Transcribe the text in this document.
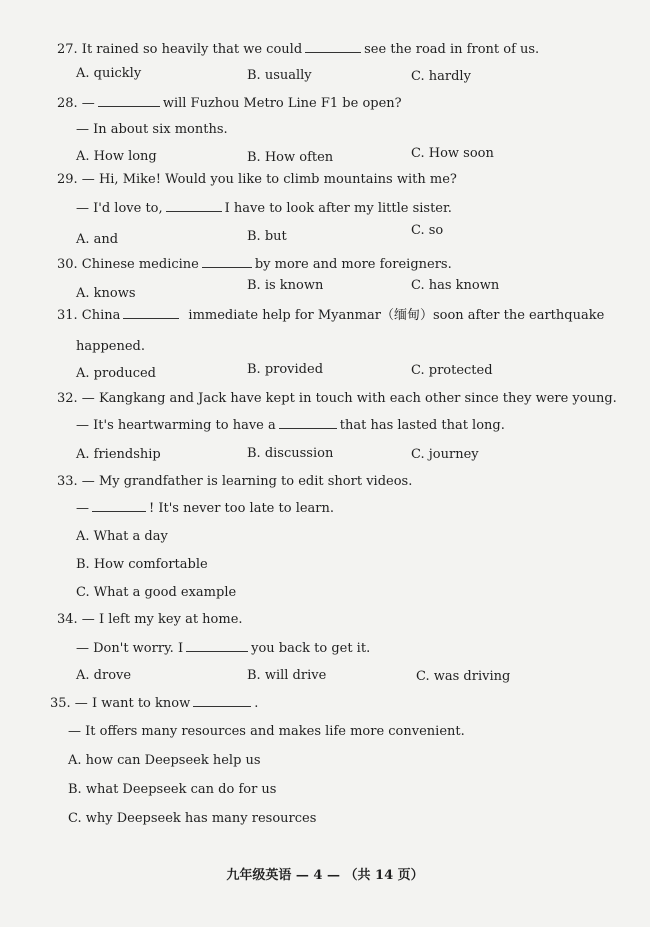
27. It rained so heavily that we could	see the road in front of us.
A. quickly	B. usually	C. hardly
28. —	will Fuzhou Metro Line F1 be open?
— In about six months.
A. How long	B. How often	C. How soon
29. — Hi, Mike! Would you like to climb mountains with me?
— I'd love to,	I have to look after my little sister.
A. and	B. but	C. so
30. Chinese medicine	by more and more foreigners.
A. knows
B. is known	C. has known
31. China	immediate help for Myanmar（缅甸）soon after the earthquake
happened.
A. produced	B. provided	C. protected
32. — Kangkang and Jack have kept in touch with each other since they were young.
— It's heartwarming to have a	that has lasted that long.
A. friendship	B. discussion	C. journey
33. — My grandfather is learning to edit short videos.
—	! It's never too late to learn.
A. What a day
B. How comfortable
C. What a good example
34. — I left my key at home.
— Don't worry. I	you back to get it.
A. drove	B. will drive	C. was driving
35. — I want to know	.
— It offers many resources and makes life more convenient.
A. how can Deepseek help us
B. what Deepseek can do for us
C. why Deepseek has many resources
九年级英语 — 4 — （共 14 页）
